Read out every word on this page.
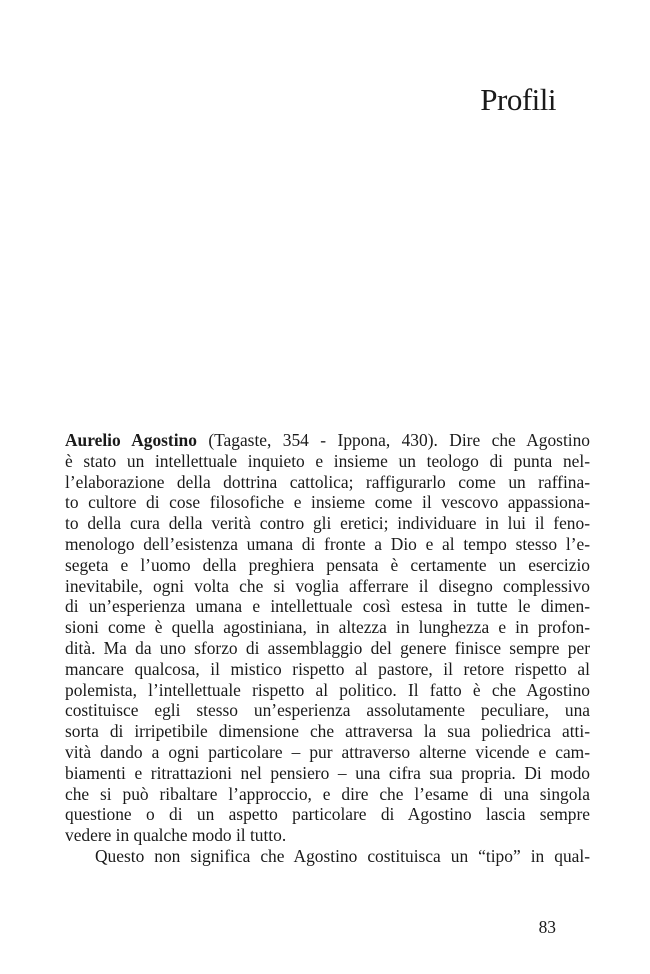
Profili
Aurelio Agostino (Tagaste, 354 - Ippona, 430). Dire che Agostino
è stato un intellettuale inquieto e insieme un teologo di punta nel-
l’elaborazione della dottrina cattolica; raffigurarlo come un raffina-
to cultore di cose filosofiche e insieme come il vescovo appassiona-
to della cura della verità contro gli eretici; individuare in lui il feno-
menologo dell’esistenza umana di fronte a Dio e al tempo stesso l’e-
segeta e l’uomo della preghiera pensata è certamente un esercizio
inevitabile, ogni volta che si voglia afferrare il disegno complessivo
di un’esperienza umana e intellettuale così estesa in tutte le dimen-
sioni come è quella agostiniana, in altezza in lunghezza e in profon-
dità. Ma da uno sforzo di assemblaggio del genere finisce sempre per
mancare qualcosa, il mistico rispetto al pastore, il retore rispetto al
polemista, l’intellettuale rispetto al politico. Il fatto è che Agostino
costituisce egli stesso un’esperienza assolutamente peculiare, una
sorta di irripetibile dimensione che attraversa la sua poliedrica atti-
vità dando a ogni particolare – pur attraverso alterne vicende e cam-
biamenti e ritrattazioni nel pensiero – una cifra sua propria. Di modo
che si può ribaltare l’approccio, e dire che l’esame di una singola
questione o di un aspetto particolare di Agostino lascia sempre
vedere in qualche modo il tutto.
Questo non significa che Agostino costituisca un “tipo” in qual-
83
